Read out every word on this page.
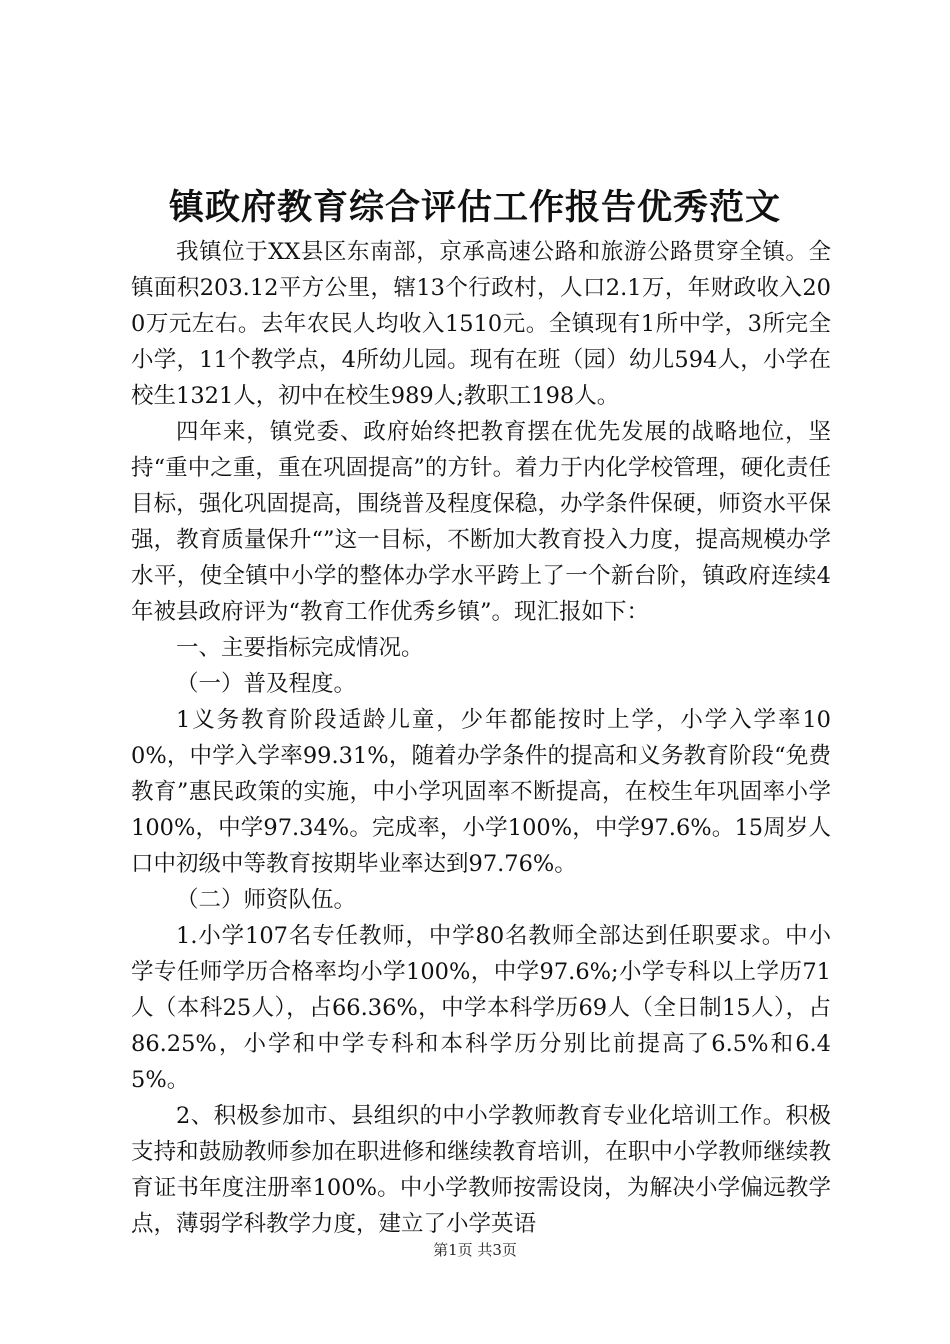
镇政府教育综合评估工作报告优秀范文

我镇位于XX县区东南部，京承高速公路和旅游公路贯穿全镇。全镇面积203.12平方公里，辖13个行政村，人口2.1万，年财政收入200万元左右。去年农民人均收入1510元。全镇现有1所中学，3所完全小学，11个教学点，4所幼儿园。现有在班（园）幼儿594人，小学在校生1321人，初中在校生989人;教职工198人。

四年来，镇党委、政府始终把教育摆在优先发展的战略地位，坚持“重中之重，重在巩固提高”的方针。着力于内化学校管理，硬化责任目标，强化巩固提高，围绕普及程度保稳，办学条件保硬，师资水平保强，教育质量保升“”这一目标，不断加大教育投入力度，提高规模办学水平，使全镇中小学的整体办学水平跨上了一个新台阶，镇政府连续4年被县政府评为“教育工作优秀乡镇”。现汇报如下：

一、主要指标完成情况。

（一）普及程度。

1义务教育阶段适龄儿童，少年都能按时上学，小学入学率100%，中学入学率99.31%，随着办学条件的提高和义务教育阶段“免费教育”惠民政策的实施，中小学巩固率不断提高，在校生年巩固率小学100%，中学97.34%。完成率，小学100%，中学97.6%。15周岁人口中初级中等教育按期毕业率达到97.76%。

（二）师资队伍。

1.小学107名专任教师，中学80名教师全部达到任职要求。中小学专任师学历合格率均小学100%，中学97.6%;小学专科以上学历71人（本科25人），占66.36%，中学本科学历69人（全日制15人），占86.25%，小学和中学专科和本科学历分别比前提高了6.5%和6.45%。

2、积极参加市、县组织的中小学教师教育专业化培训工作。积极支持和鼓励教师参加在职进修和继续教育培训，在职中小学教师继续教育证书年度注册率100%。中小学教师按需设岗，为解决小学偏远教学点，薄弱学科教学力度，建立了小学英语

第1页 共3页
